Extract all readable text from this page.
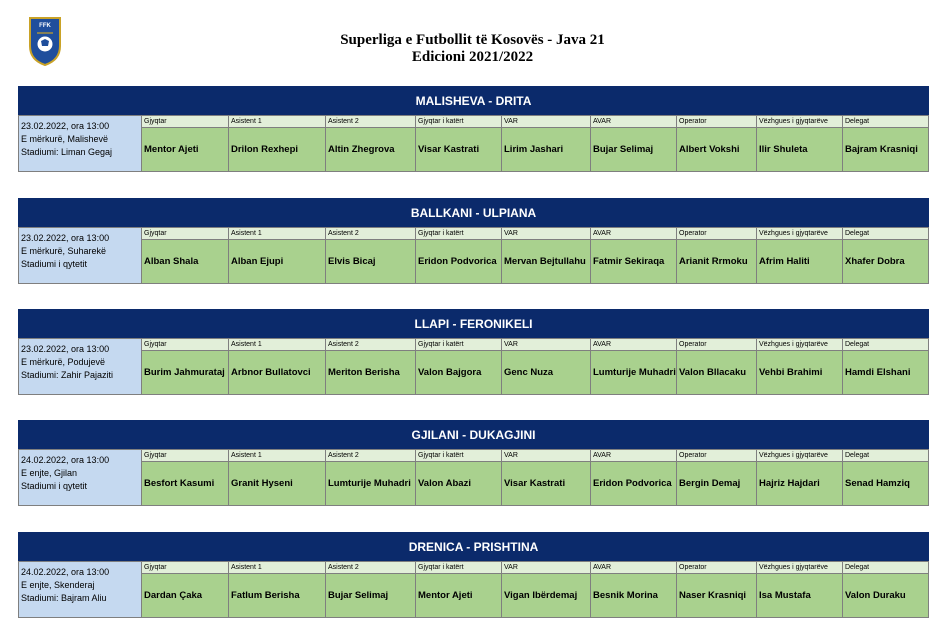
FFK
Superliga e Futbollit të Kosovës - Java 21
Edicioni 2021/2022
MALISHEVA - DRITA
23.02.2022, ora 13:00
E mërkurë, Malishevë
Stadiumi: Liman Gegaj
Gjyqtar
Mentor Ajeti
Asistent 1
Drilon Rexhepi
Asistent 2
Altin Zhegrova
Gjyqtar i katërt
Visar Kastrati
VAR
Lirim Jashari
AVAR
Bujar Selimaj
Operator
Albert Vokshi
Vëzhgues i gjyqtarëve
Ilir Shuleta
Delegat
Bajram Krasniqi
BALLKANI - ULPIANA
23.02.2022, ora 13:00
E mërkurë, Suharekë
Stadiumi i qytetit
Gjyqtar
Alban Shala
Asistent 1
Alban Ejupi
Asistent 2
Elvis Bicaj
Gjyqtar i katërt
Eridon Podvorica
VAR
Mervan Bejtullahu
AVAR
Fatmir Sekiraqa
Operator
Arianit Rrmoku
Vëzhgues i gjyqtarëve
Afrim Haliti
Delegat
Xhafer Dobra
LLAPI - FERONIKELI
23.02.2022, ora 13:00
E mërkurë, Podujevë
Stadiumi: Zahir Pajaziti
Gjyqtar
Burim Jahmurataj
Asistent 1
Arbnor Bullatovci
Asistent 2
Meriton Berisha
Gjyqtar i katërt
Valon Bajgora
VAR
Genc Nuza
AVAR
Lumturije Muhadri
Operator
Valon Bllacaku
Vëzhgues i gjyqtarëve
Vehbi Brahimi
Delegat
Hamdi Elshani
GJILANI - DUKAGJINI
24.02.2022, ora 13:00
E enjte, Gjilan
Stadiumi i qytetit
Gjyqtar
Besfort Kasumi
Asistent 1
Granit Hyseni
Asistent 2
Lumturije Muhadri
Gjyqtar i katërt
Valon Abazi
VAR
Visar Kastrati
AVAR
Eridon Podvorica
Operator
Bergin Demaj
Vëzhgues i gjyqtarëve
Hajriz Hajdari
Delegat
Senad Hamziq
DRENICA - PRISHTINA
24.02.2022, ora 13:00
E enjte, Skenderaj
Stadiumi: Bajram Aliu
Gjyqtar
Dardan Çaka
Asistent 1
Fatlum Berisha
Asistent 2
Bujar Selimaj
Gjyqtar i katërt
Mentor Ajeti
VAR
Vigan Ibërdemaj
AVAR
Besnik Morina
Operator
Naser Krasniqi
Vëzhgues i gjyqtarëve
Isa Mustafa
Delegat
Valon Duraku
